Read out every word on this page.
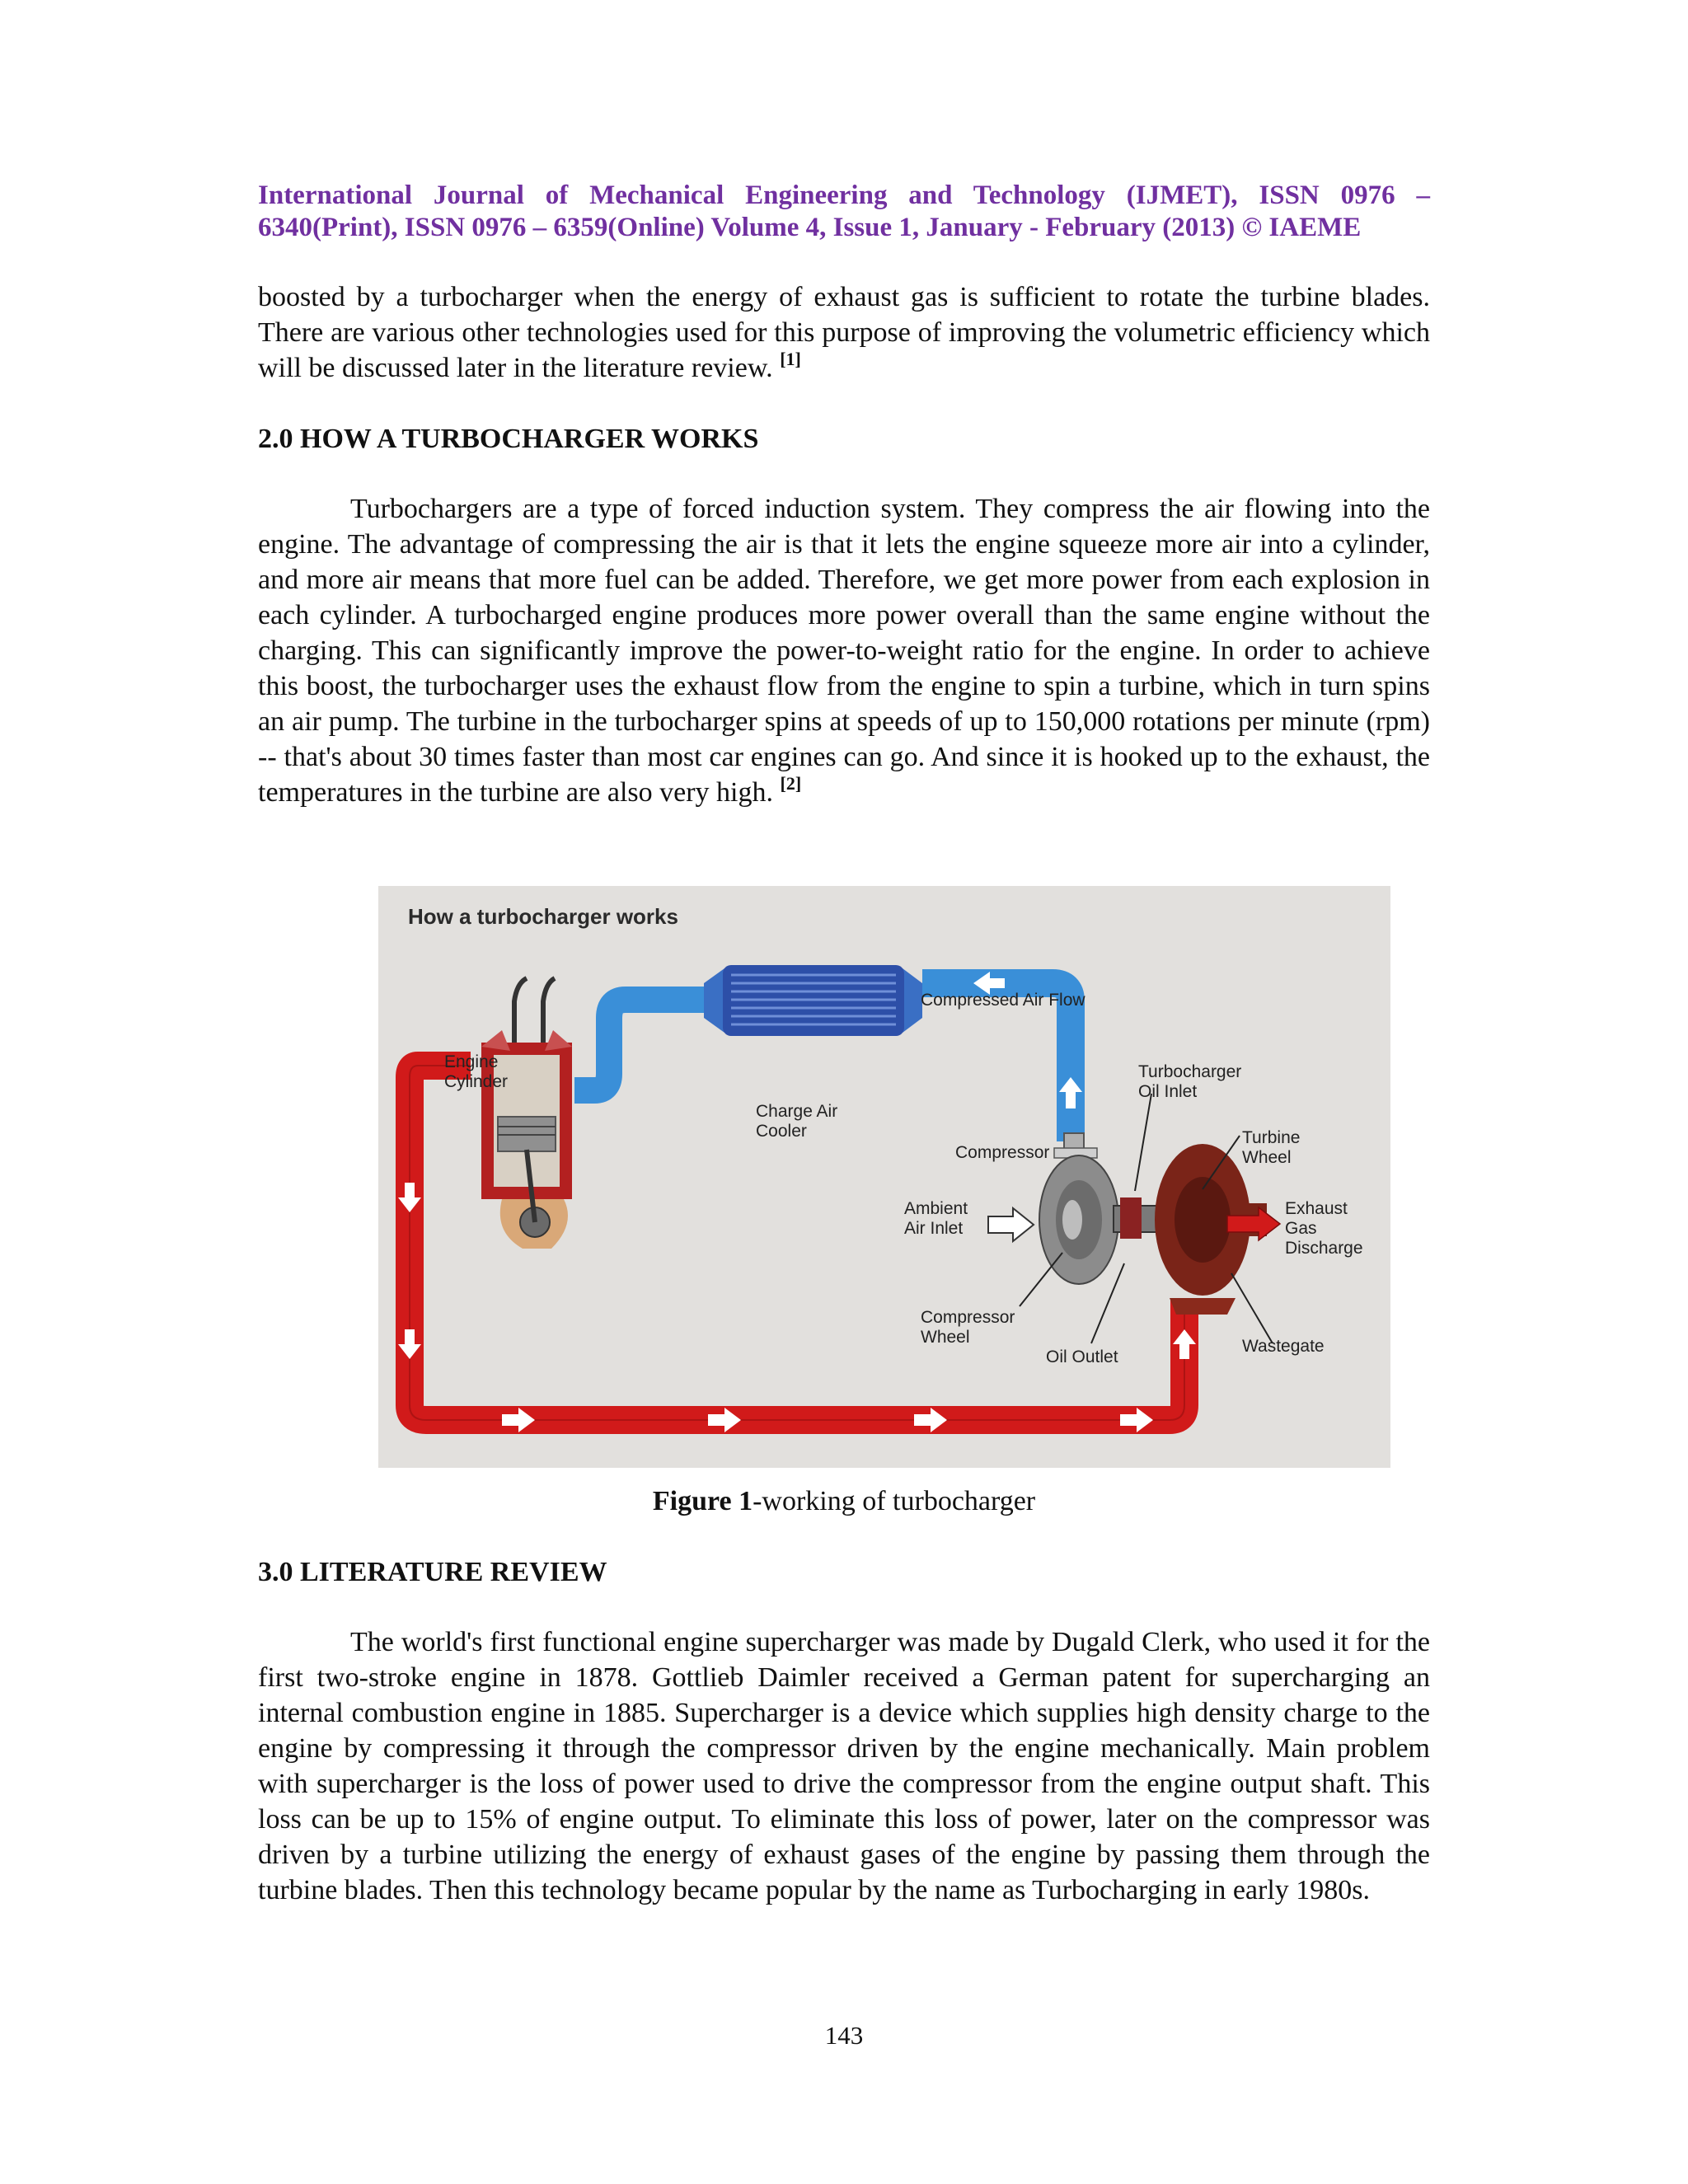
International Journal of Mechanical Engineering and Technology (IJMET), ISSN 0976 – 6340(Print), ISSN 0976 – 6359(Online) Volume 4, Issue 1, January - February (2013) © IAEME
boosted by a turbocharger when the energy of exhaust gas is sufficient to rotate the turbine blades. There are various other technologies used for this purpose of improving the volumetric efficiency which will be discussed later in the literature review. [1]
2.0 HOW A TURBOCHARGER WORKS
Turbochargers are a type of forced induction system. They compress the air flowing into the engine. The advantage of compressing the air is that it lets the engine squeeze more air into a cylinder, and more air means that more fuel can be added. Therefore, we get more power from each explosion in each cylinder. A turbocharged engine produces more power overall than the same engine without the charging. This can significantly improve the power-to-weight ratio for the engine. In order to achieve this boost, the turbocharger uses the exhaust flow from the engine to spin a turbine, which in turn spins an air pump. The turbine in the turbocharger spins at speeds of up to 150,000 rotations per minute (rpm) -- that's about 30 times faster than most car engines can go. And since it is hooked up to the exhaust, the temperatures in the turbine are also very high. [2]
Figure 1-working of turbocharger
3.0 LITERATURE REVIEW
The world's first functional engine supercharger was made by Dugald Clerk, who used it for the first two-stroke engine in 1878. Gottlieb Daimler received a German patent for supercharging an internal combustion engine in 1885. Supercharger is a device which supplies high density charge to the engine by compressing it through the compressor driven by the engine mechanically. Main problem with supercharger is the loss of power used to drive the compressor from the engine output shaft. This loss can be up to 15% of engine output. To eliminate this loss of power, later on the compressor was driven by a turbine utilizing the energy of exhaust gases of the engine by passing them through the turbine blades. Then this technology became popular by the name as Turbocharging in early 1980s.
143
How a turbocharger works
Engine
Cylinder
Charge Air
Cooler
Compressed Air Flow
Turbocharger
Oil Inlet
Compressor
Turbine
Wheel
Ambient
Air Inlet
Exhaust
Gas
Discharge
Compressor
Wheel
Oil Outlet
Wastegate
